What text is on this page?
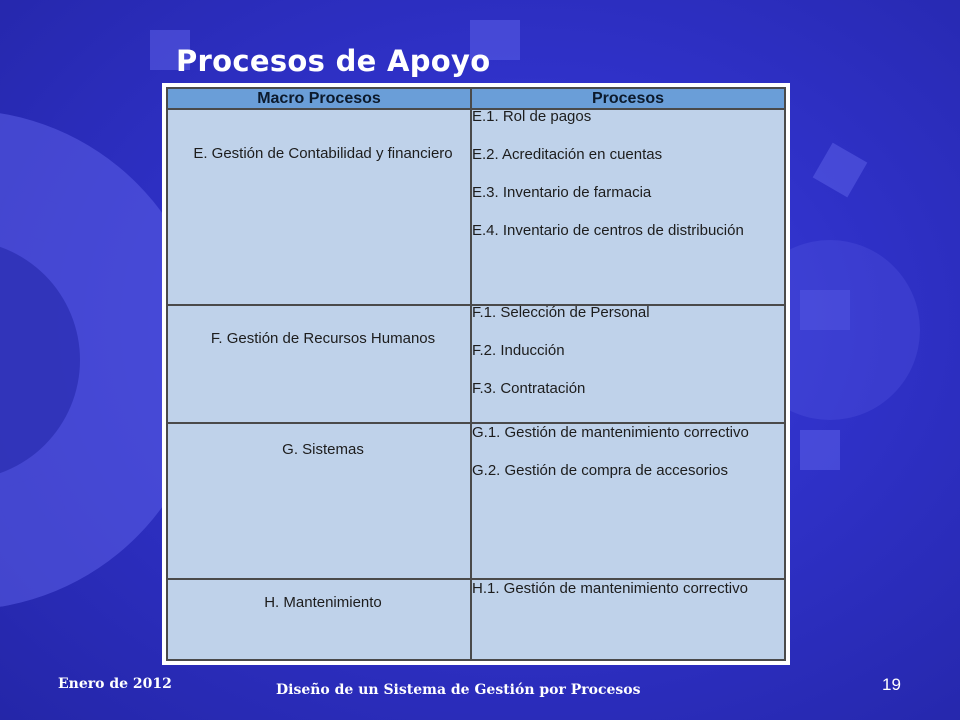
Procesos de Apoyo
Macro Procesos	Procesos

E. Gestión de Contabilidad y financiero	E.1. Rol de pagos
E.2. Acreditación en cuentas
E.3. Inventario de farmacia
E.4. Inventario de centros de distribución

F. Gestión de Recursos Humanos	F.1. Selección de Personal
F.2. Inducción
F.3. Contratación

G. Sistemas	G.1. Gestión de mantenimiento correctivo
G.2. Gestión de compra de accesorios

H. Mantenimiento	H.1. Gestión de mantenimiento correctivo
Enero de 2012	Diseño de un Sistema de Gestión por Procesos	19
